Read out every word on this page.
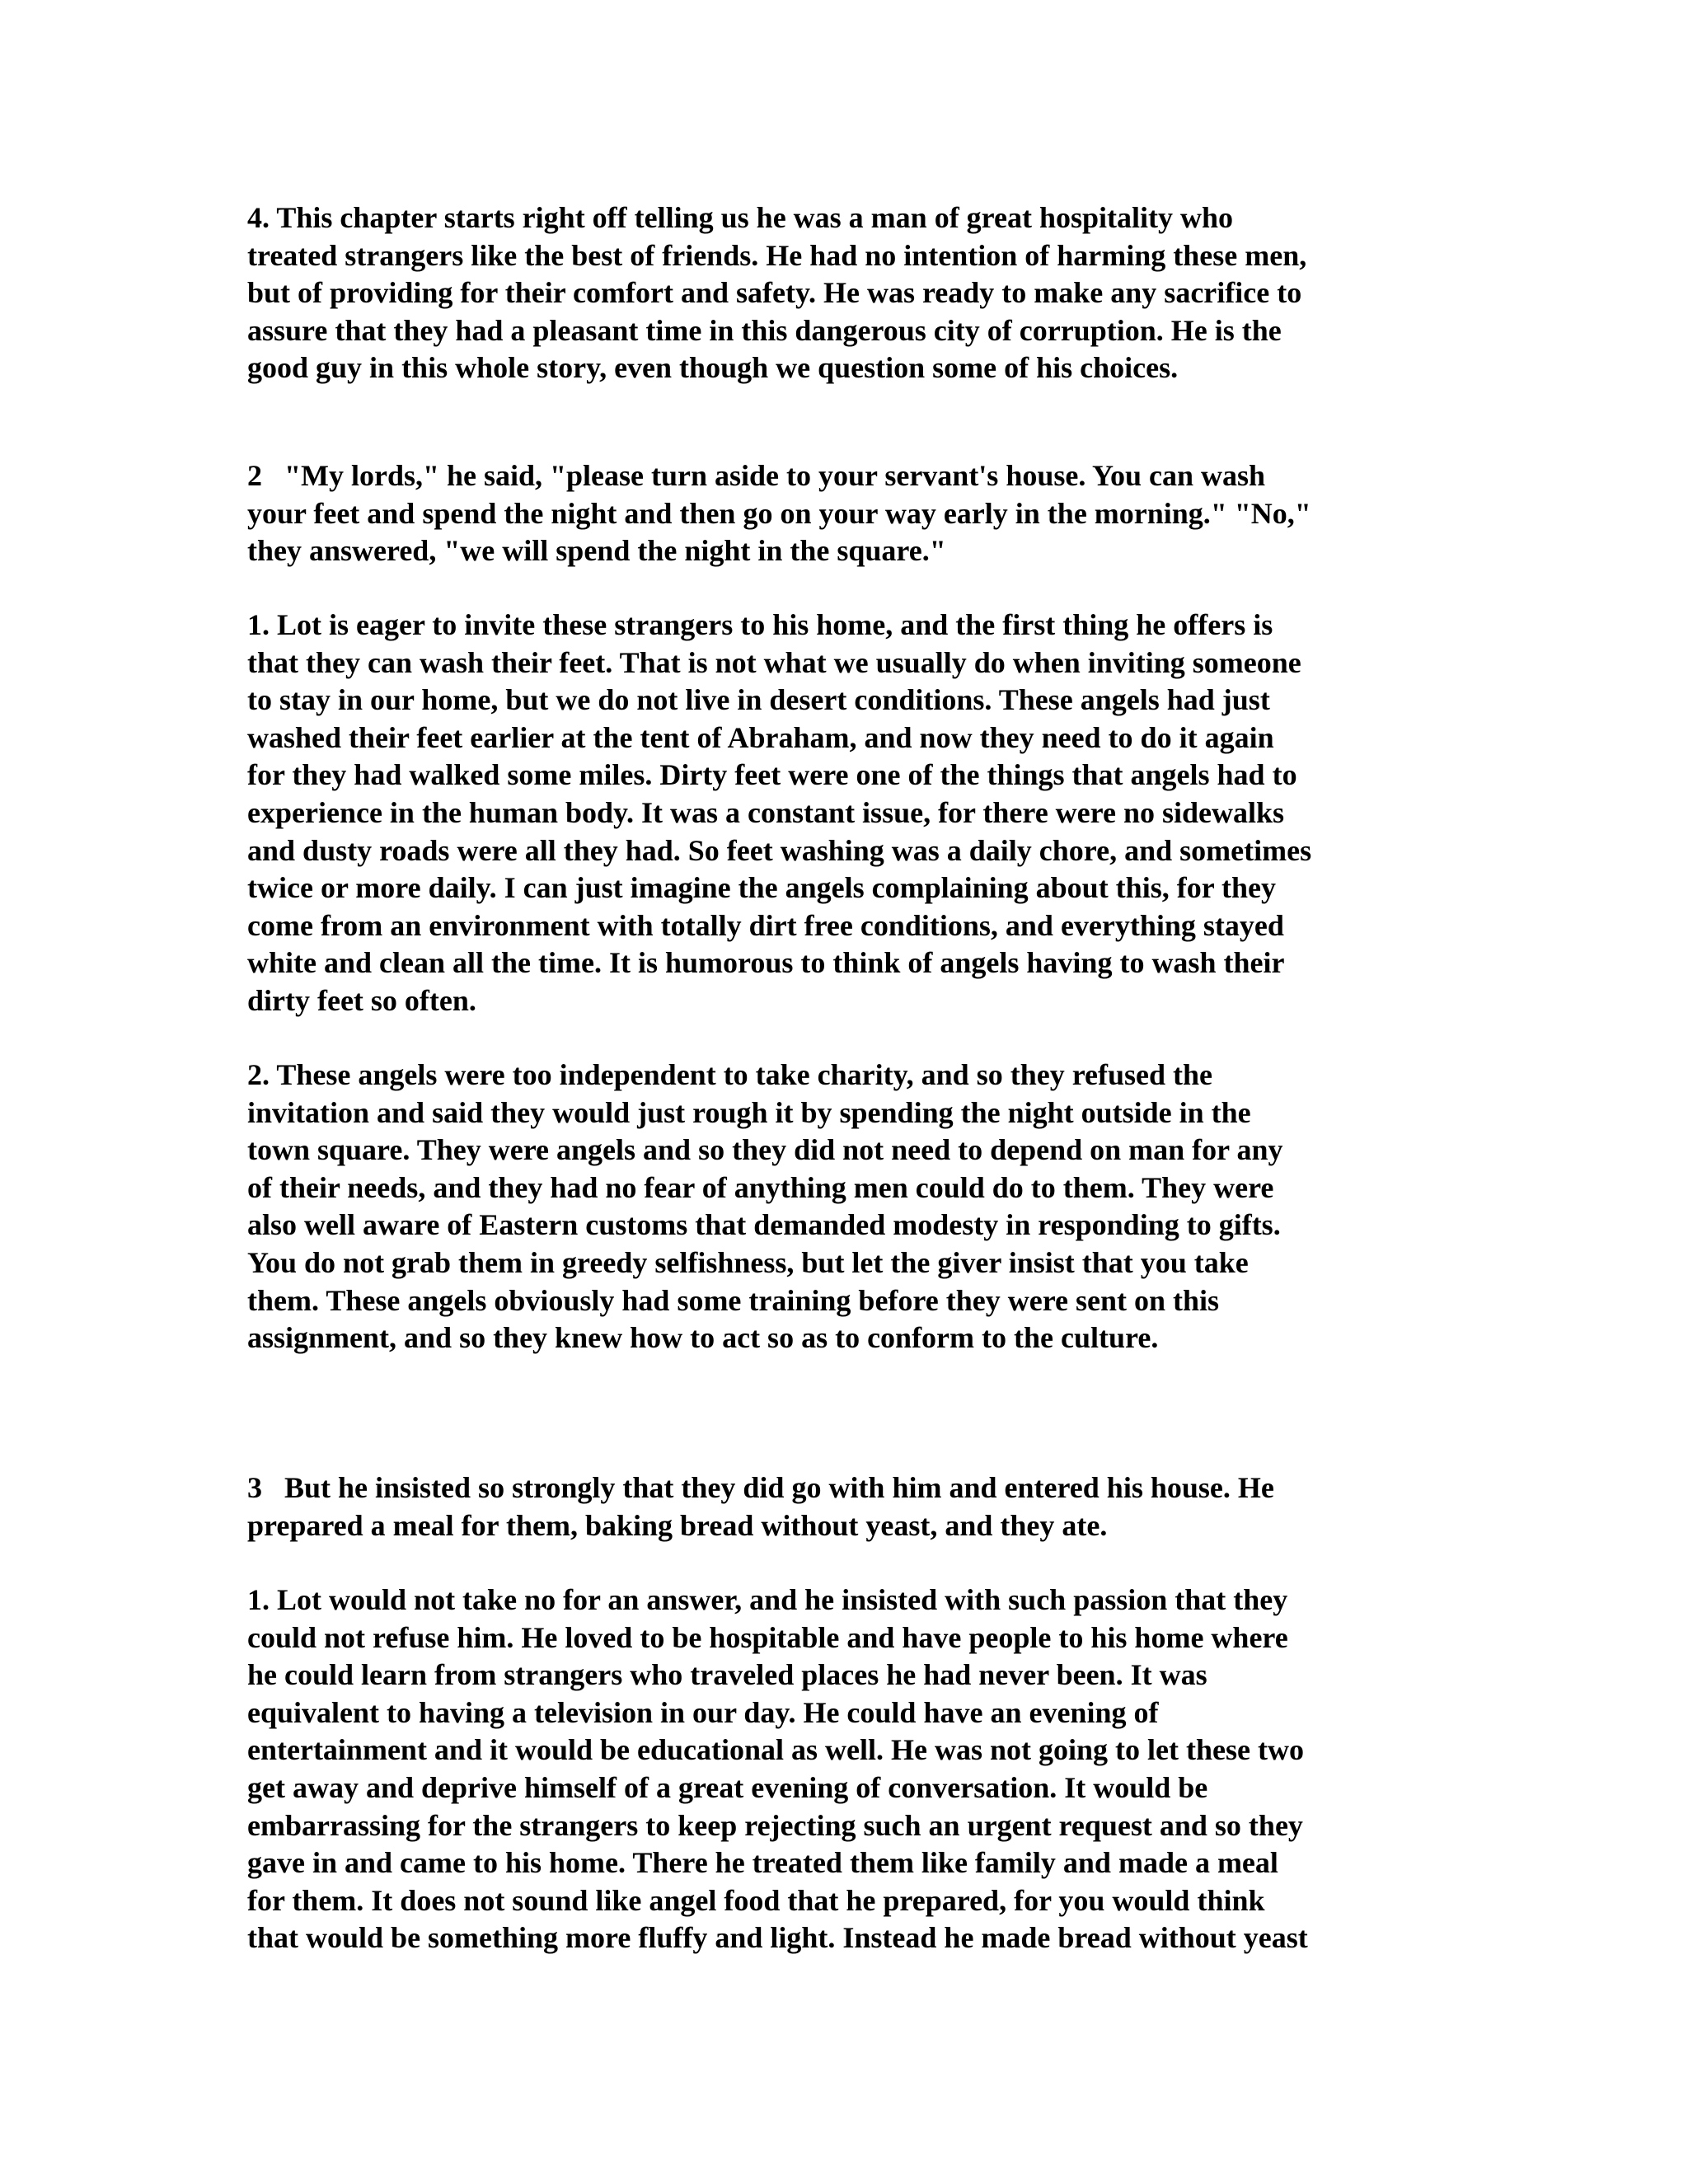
4. This chapter starts right off telling us he was a man of great hospitality who
treated strangers like the best of friends. He had no intention of harming these men,
but of providing for their comfort and safety. He was ready to make any sacrifice to
assure that they had a pleasant time in this dangerous city of corruption. He is the
good guy in this whole story, even though we question some of his choices.
2   "My lords," he said, "please turn aside to your servant's house. You can wash
your feet and spend the night and then go on your way early in the morning." "No,"
they answered, "we will spend the night in the square."
1. Lot is eager to invite these strangers to his home, and the first thing he offers is
that they can wash their feet. That is not what we usually do when inviting someone
to stay in our home, but we do not live in desert conditions. These angels had just
washed their feet earlier at the tent of Abraham, and now they need to do it again
for they had walked some miles. Dirty feet were one of the things that angels had to
experience in the human body. It was a constant issue, for there were no sidewalks
and dusty roads were all they had. So feet washing was a daily chore, and sometimes
twice or more daily. I can just imagine the angels complaining about this, for they
come from an environment with totally dirt free conditions, and everything stayed
white and clean all the time. It is humorous to think of angels having to wash their
dirty feet so often.
2. These angels were too independent to take charity, and so they refused the
invitation and said they would just rough it by spending the night outside in the
town square. They were angels and so they did not need to depend on man for any
of their needs, and they had no fear of anything men could do to them. They were
also well aware of Eastern customs that demanded modesty in responding to gifts.
You do not grab them in greedy selfishness, but let the giver insist that you take
them. These angels obviously had some training before they were sent on this
assignment, and so they knew how to act so as to conform to the culture.
3   But he insisted so strongly that they did go with him and entered his house. He
prepared a meal for them, baking bread without yeast, and they ate.
1. Lot would not take no for an answer, and he insisted with such passion that they
could not refuse him. He loved to be hospitable and have people to his home where
he could learn from strangers who traveled places he had never been. It was
equivalent to having a television in our day. He could have an evening of
entertainment and it would be educational as well. He was not going to let these two
get away and deprive himself of a great evening of conversation. It would be
embarrassing for the strangers to keep rejecting such an urgent request and so they
gave in and came to his home. There he treated them like family and made a meal
for them. It does not sound like angel food that he prepared, for you would think
that would be something more fluffy and light. Instead he made bread without yeast
